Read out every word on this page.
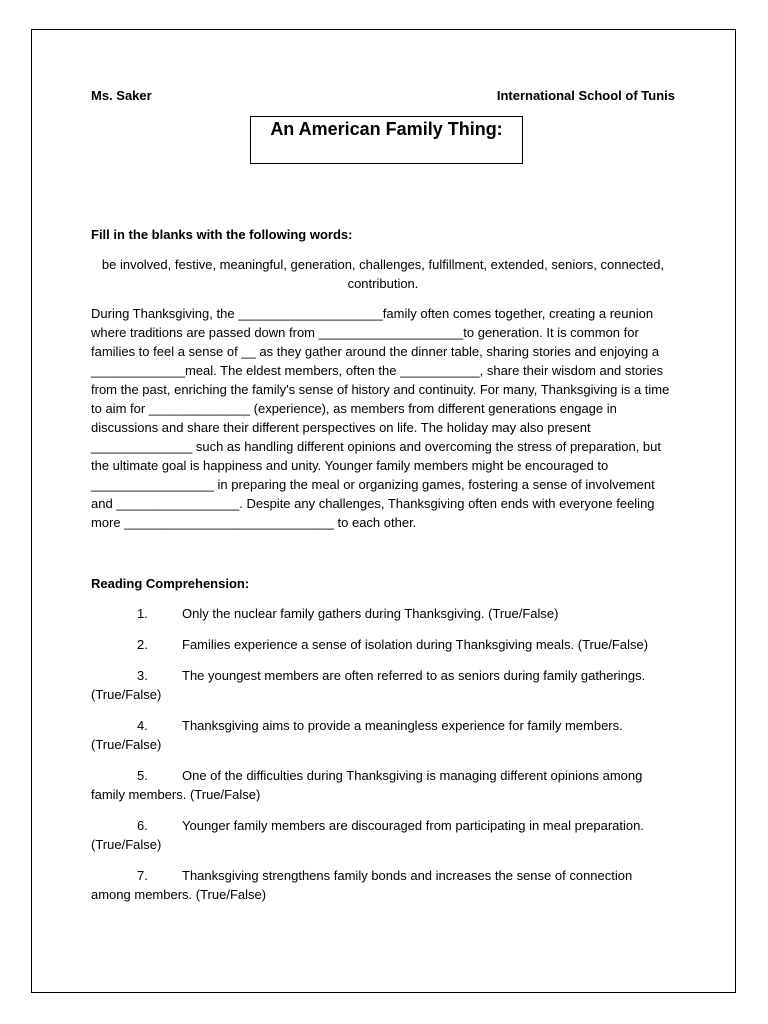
Ms. Saker	International School of Tunis
An American Family Thing:
Fill in the blanks with the following words:
be involved, festive, meaningful, generation, challenges, fulfillment, extended, seniors, connected, contribution.
During Thanksgiving, the ____________________family often comes together, creating a reunion where traditions are passed down from ____________________to generation. It is common for families to feel a sense of __ as they gather around the dinner table, sharing stories and enjoying a _____________meal. The eldest members, often the ___________, share their wisdom and stories from the past, enriching the family's sense of history and continuity. For many, Thanksgiving is a time to aim for ______________ (experience), as members from different generations engage in discussions and share their different perspectives on life. The holiday may also present ______________ such as handling different opinions and overcoming the stress of preparation, but the ultimate goal is happiness and unity. Younger family members might be encouraged to _________________ in preparing the meal or organizing games, fostering a sense of involvement and _________________. Despite any challenges, Thanksgiving often ends with everyone feeling more _____________________________ to each other.
Reading Comprehension:
1.	Only the nuclear family gathers during Thanksgiving. (True/False)
2.	Families experience a sense of isolation during Thanksgiving meals. (True/False)
3.	The youngest members are often referred to as seniors during family gatherings. (True/False)
4.	Thanksgiving aims to provide a meaningless experience for family members. (True/False)
5.	One of the difficulties during Thanksgiving is managing different opinions among family members. (True/False)
6.	Younger family members are discouraged from participating in meal preparation. (True/False)
7.	Thanksgiving strengthens family bonds and increases the sense of connection among members. (True/False)
